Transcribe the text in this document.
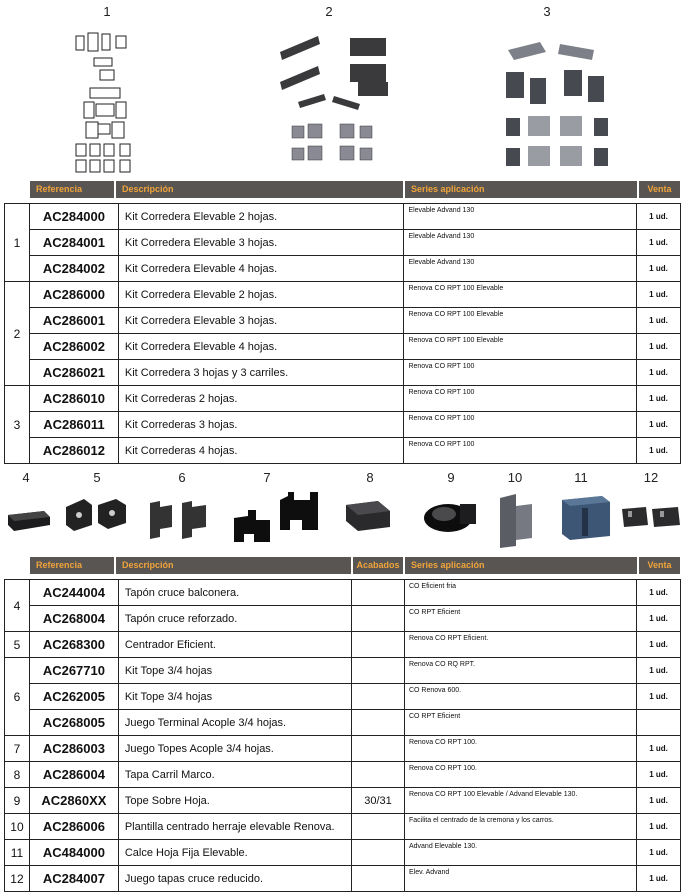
1	2	3
Referencia	Descripción	Series aplicación	Venta
1	AC284000	Kit Corredera Elevable 2 hojas.	Elevable Advand 130	1 ud.
	AC284001	Kit Corredera Elevable 3 hojas.	Elevable Advand 130	1 ud.
	AC284002	Kit Corredera Elevable 4 hojas.	Elevable Advand 130	1 ud.
2	AC286000	Kit Corredera Elevable 2 hojas.	Renova CO RPT 100 Elevable	1 ud.
	AC286001	Kit Corredera Elevable 3 hojas.	Renova CO RPT 100 Elevable	1 ud.
	AC286002	Kit Corredera Elevable 4 hojas.	Renova CO RPT 100 Elevable	1 ud.
	AC286021	Kit Corredera 3 hojas y 3 carriles.	Renova CO RPT 100	1 ud.
3	AC286010	Kit Correderas 2 hojas.	Renova CO RPT 100	1 ud.
	AC286011	Kit Correderas 3 hojas.	Renova CO RPT 100	1 ud.
	AC286012	Kit Correderas 4 hojas.	Renova CO RPT 100	1 ud.
4	5	6	7	8	9	10	11	12
Referencia	Descripción	Acabados	Series aplicación	Venta
4	AC244004	Tapón cruce balconera.		CO Eficient fria	1 ud.
	AC268004	Tapón cruce reforzado.		CO RPT Eficient	1 ud.
5	AC268300	Centrador Eficient.		Renova CO RPT Eficient.	1 ud.
6	AC267710	Kit Tope 3/4 hojas		Renova CO RQ RPT.	1 ud.
	AC262005	Kit Tope 3/4 hojas		CO Renova 600.	1 ud.
	AC268005	Juego Terminal Acople 3/4 hojas.		CO RPT Eficient	
7	AC286003	Juego Topes Acople 3/4 hojas.		Renova CO RPT 100.	1 ud.
8	AC286004	Tapa Carril Marco.		Renova CO RPT 100.	1 ud.
9	AC2860XX	Tope Sobre Hoja.	30/31	Renova CO RPT 100 Elevable / Advand Elevable 130.	1 ud.
10	AC286006	Plantilla centrado herraje elevable Renova.		Facilita el centrado de la cremona y los carros.	1 ud.
11	AC484000	Calce Hoja Fija Elevable.		Advand Elevable 130.	1 ud.
12	AC284007	Juego tapas cruce reducido.		Elev. Advand	1 ud.
